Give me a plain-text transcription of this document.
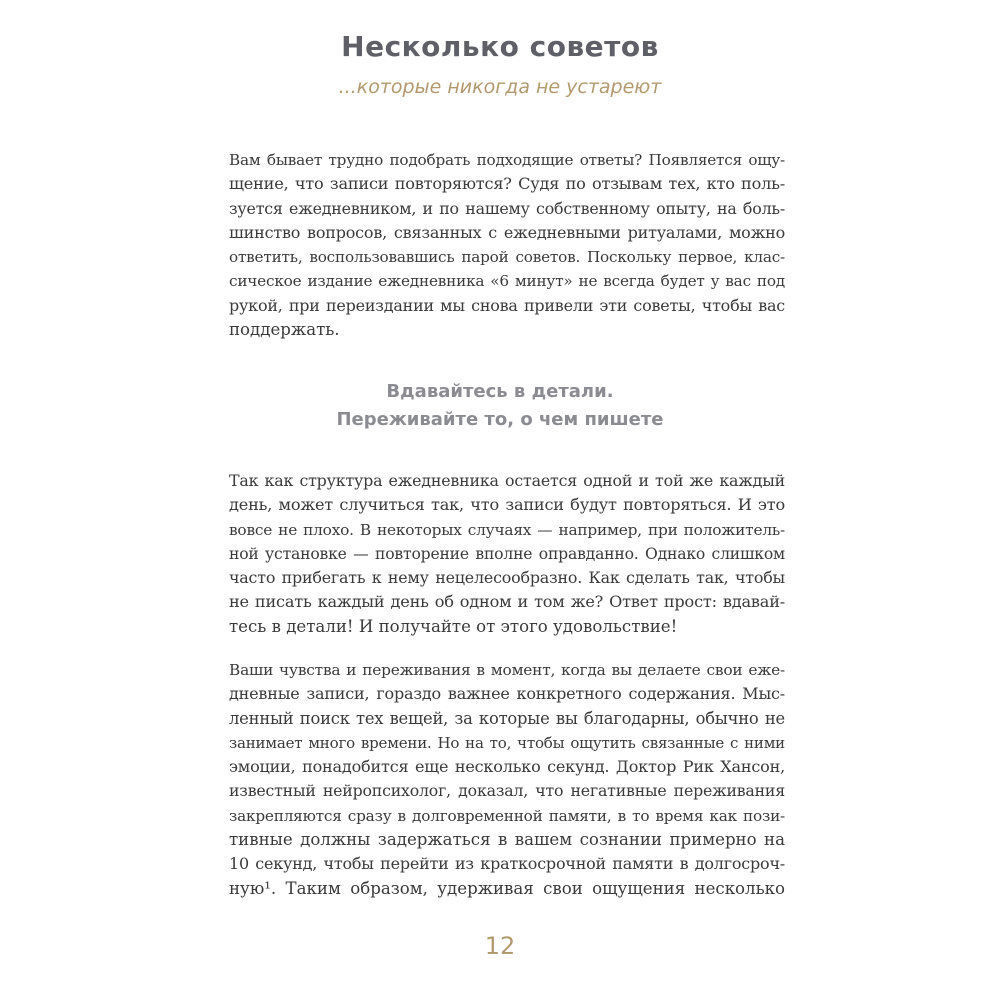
Несколько советов
...которые никогда не устареют
Вам бывает трудно подобрать подходящие ответы? Появляется ощу-
щение, что записи повторяются? Судя по отзывам тех, кто поль-
зуется ежедневником, и по нашему собственному опыту, на боль-
шинство вопросов, связанных с ежедневными ритуалами, можно
ответить, воспользовавшись парой советов. Поскольку первое, клас-
сическое издание ежедневника «6 минут» не всегда будет у вас под
рукой, при переиздании мы снова привели эти советы, чтобы вас
поддержать.
Вдавайтесь в детали.
Переживайте то, о чем пишете
Так как структура ежедневника остается одной и той же каждый
день, может случиться так, что записи будут повторяться. И это
вовсе не плохо. В некоторых случаях — например, при положитель-
ной установке — повторение вполне оправданно. Однако слишком
часто прибегать к нему нецелесообразно. Как сделать так, чтобы
не писать каждый день об одном и том же? Ответ прост: вдавай-
тесь в детали! И получайте от этого удовольствие!
Ваши чувства и переживания в момент, когда вы делаете свои еже-
дневные записи, гораздо важнее конкретного содержания. Мыс-
ленный поиск тех вещей, за которые вы благодарны, обычно не
занимает много времени. Но на то, чтобы ощутить связанные с ними
эмоции, понадобится еще несколько секунд. Доктор Рик Хансон,
известный нейропсихолог, доказал, что негативные переживания
закрепляются сразу в долговременной памяти, в то время как пози-
тивные должны задержаться в вашем сознании примерно на
10 секунд, чтобы перейти из краткосрочной памяти в долгосроч-
ную¹. Таким образом, удерживая свои ощущения несколько
12
